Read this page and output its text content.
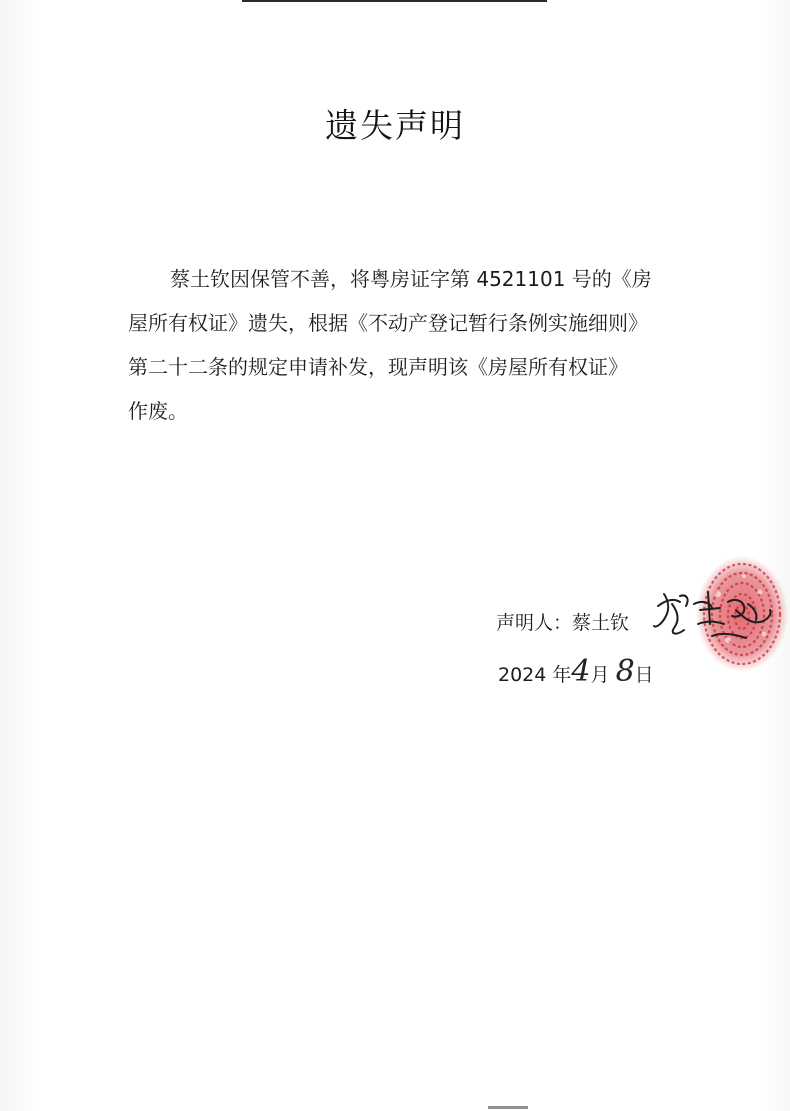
遗失声明
蔡土钦因保管不善，将粤房证字第 4521101 号的《房
屋所有权证》遗失，根据《不动产登记暂行条例实施细则》
第二十二条的规定申请补发，现声明该《房屋所有权证》
作废。
声明人：蔡土钦
2024 年4月 8日
